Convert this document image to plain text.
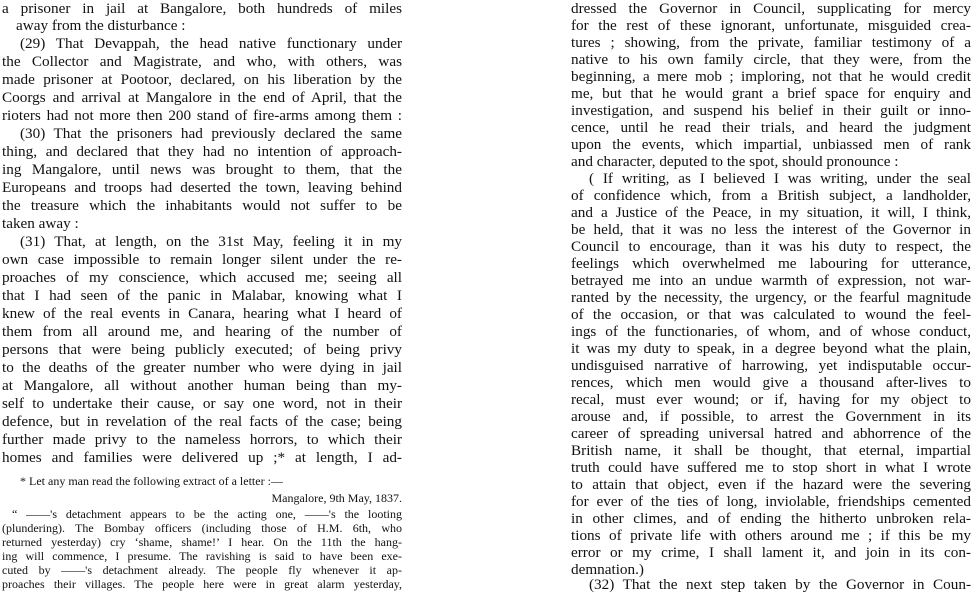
a prisoner in jail at Bangalore, both hundreds of miles
away from the disturbance :
(29) That Devappah, the head native functionary under
the Collector and Magistrate, and who, with others, was
made prisoner at Pootoor, declared, on his liberation by the
Coorgs and arrival at Mangalore in the end of April, that the
rioters had not more then 200 stand of fire-arms among them :
(30) That the prisoners had previously declared the same
thing, and declared that they had no intention of approach-
ing Mangalore, until news was brought to them, that the
Europeans and troops had deserted the town, leaving behind
the treasure which the inhabitants would not suffer to be
taken away :
(31) That, at length, on the 31st May, feeling it in my
own case impossible to remain longer silent under the re-
proaches of my conscience, which accused me; seeing all
that I had seen of the panic in Malabar, knowing what I
knew of the real events in Canara, hearing what I heard of
them from all around me, and hearing of the number of
persons that were being publicly executed; of being privy
to the deaths of the greater number who were dying in jail
at Mangalore, all without another human being than my-
self to undertake their cause, or say one word, not in their
defence, but in revelation of the real facts of the case; being
further made privy to the nameless horrors, to which their
homes and families were delivered up ;* at length, I ad-
* Let any man read the following extract of a letter :—
Mangalore, 9th May, 1837.
“ ——'s detachment appears to be the acting one, ——'s the looting
(plundering). The Bombay officers (including those of H.M. 6th, who
returned yesterday) cry ‘shame, shame!’ I hear. On the 11th the hang-
ing will commence, I presume. The ravishing is said to have been exe-
cuted by ——'s detachment already. The people fly whenever it ap-
proaches their villages. The people here were in great alarm yesterday,
dressed the Governor in Council, supplicating for mercy
for the rest of these ignorant, unfortunate, misguided crea-
tures ; showing, from the private, familiar testimony of a
native to his own family circle, that they were, from the
beginning, a mere mob ; imploring, not that he would credit
me, but that he would grant a brief space for enquiry and
investigation, and suspend his belief in their guilt or inno-
cence, until he read their trials, and heard the judgment
upon the events, which impartial, unbiassed men of rank
and character, deputed to the spot, should pronounce :
( If writing, as I believed I was writing, under the seal
of confidence which, from a British subject, a landholder,
and a Justice of the Peace, in my situation, it will, I think,
be held, that it was no less the interest of the Governor in
Council to encourage, than it was his duty to respect, the
feelings which overwhelmed me labouring for utterance,
betrayed me into an undue warmth of expression, not war-
ranted by the necessity, the urgency, or the fearful magnitude
of the occasion, or that was calculated to wound the feel-
ings of the functionaries, of whom, and of whose conduct,
it was my duty to speak, in a degree beyond what the plain,
undisguised narrative of harrowing, yet indisputable occur-
rences, which men would give a thousand after-lives to
recal, must ever wound; or if, having for my object to
arouse and, if possible, to arrest the Government in its
career of spreading universal hatred and abhorrence of the
British name, it shall be thought, that eternal, impartial
truth could have suffered me to stop short in what I wrote
to attain that object, even if the hazard were the severing
for ever of the ties of long, inviolable, friendships cemented
in other climes, and of ending the hitherto unbroken rela-
tions of private life with others around me ; if this be my
error or my crime, I shall lament it, and join in its con-
demnation.)
(32) That the next step taken by the Governor in Coun-
